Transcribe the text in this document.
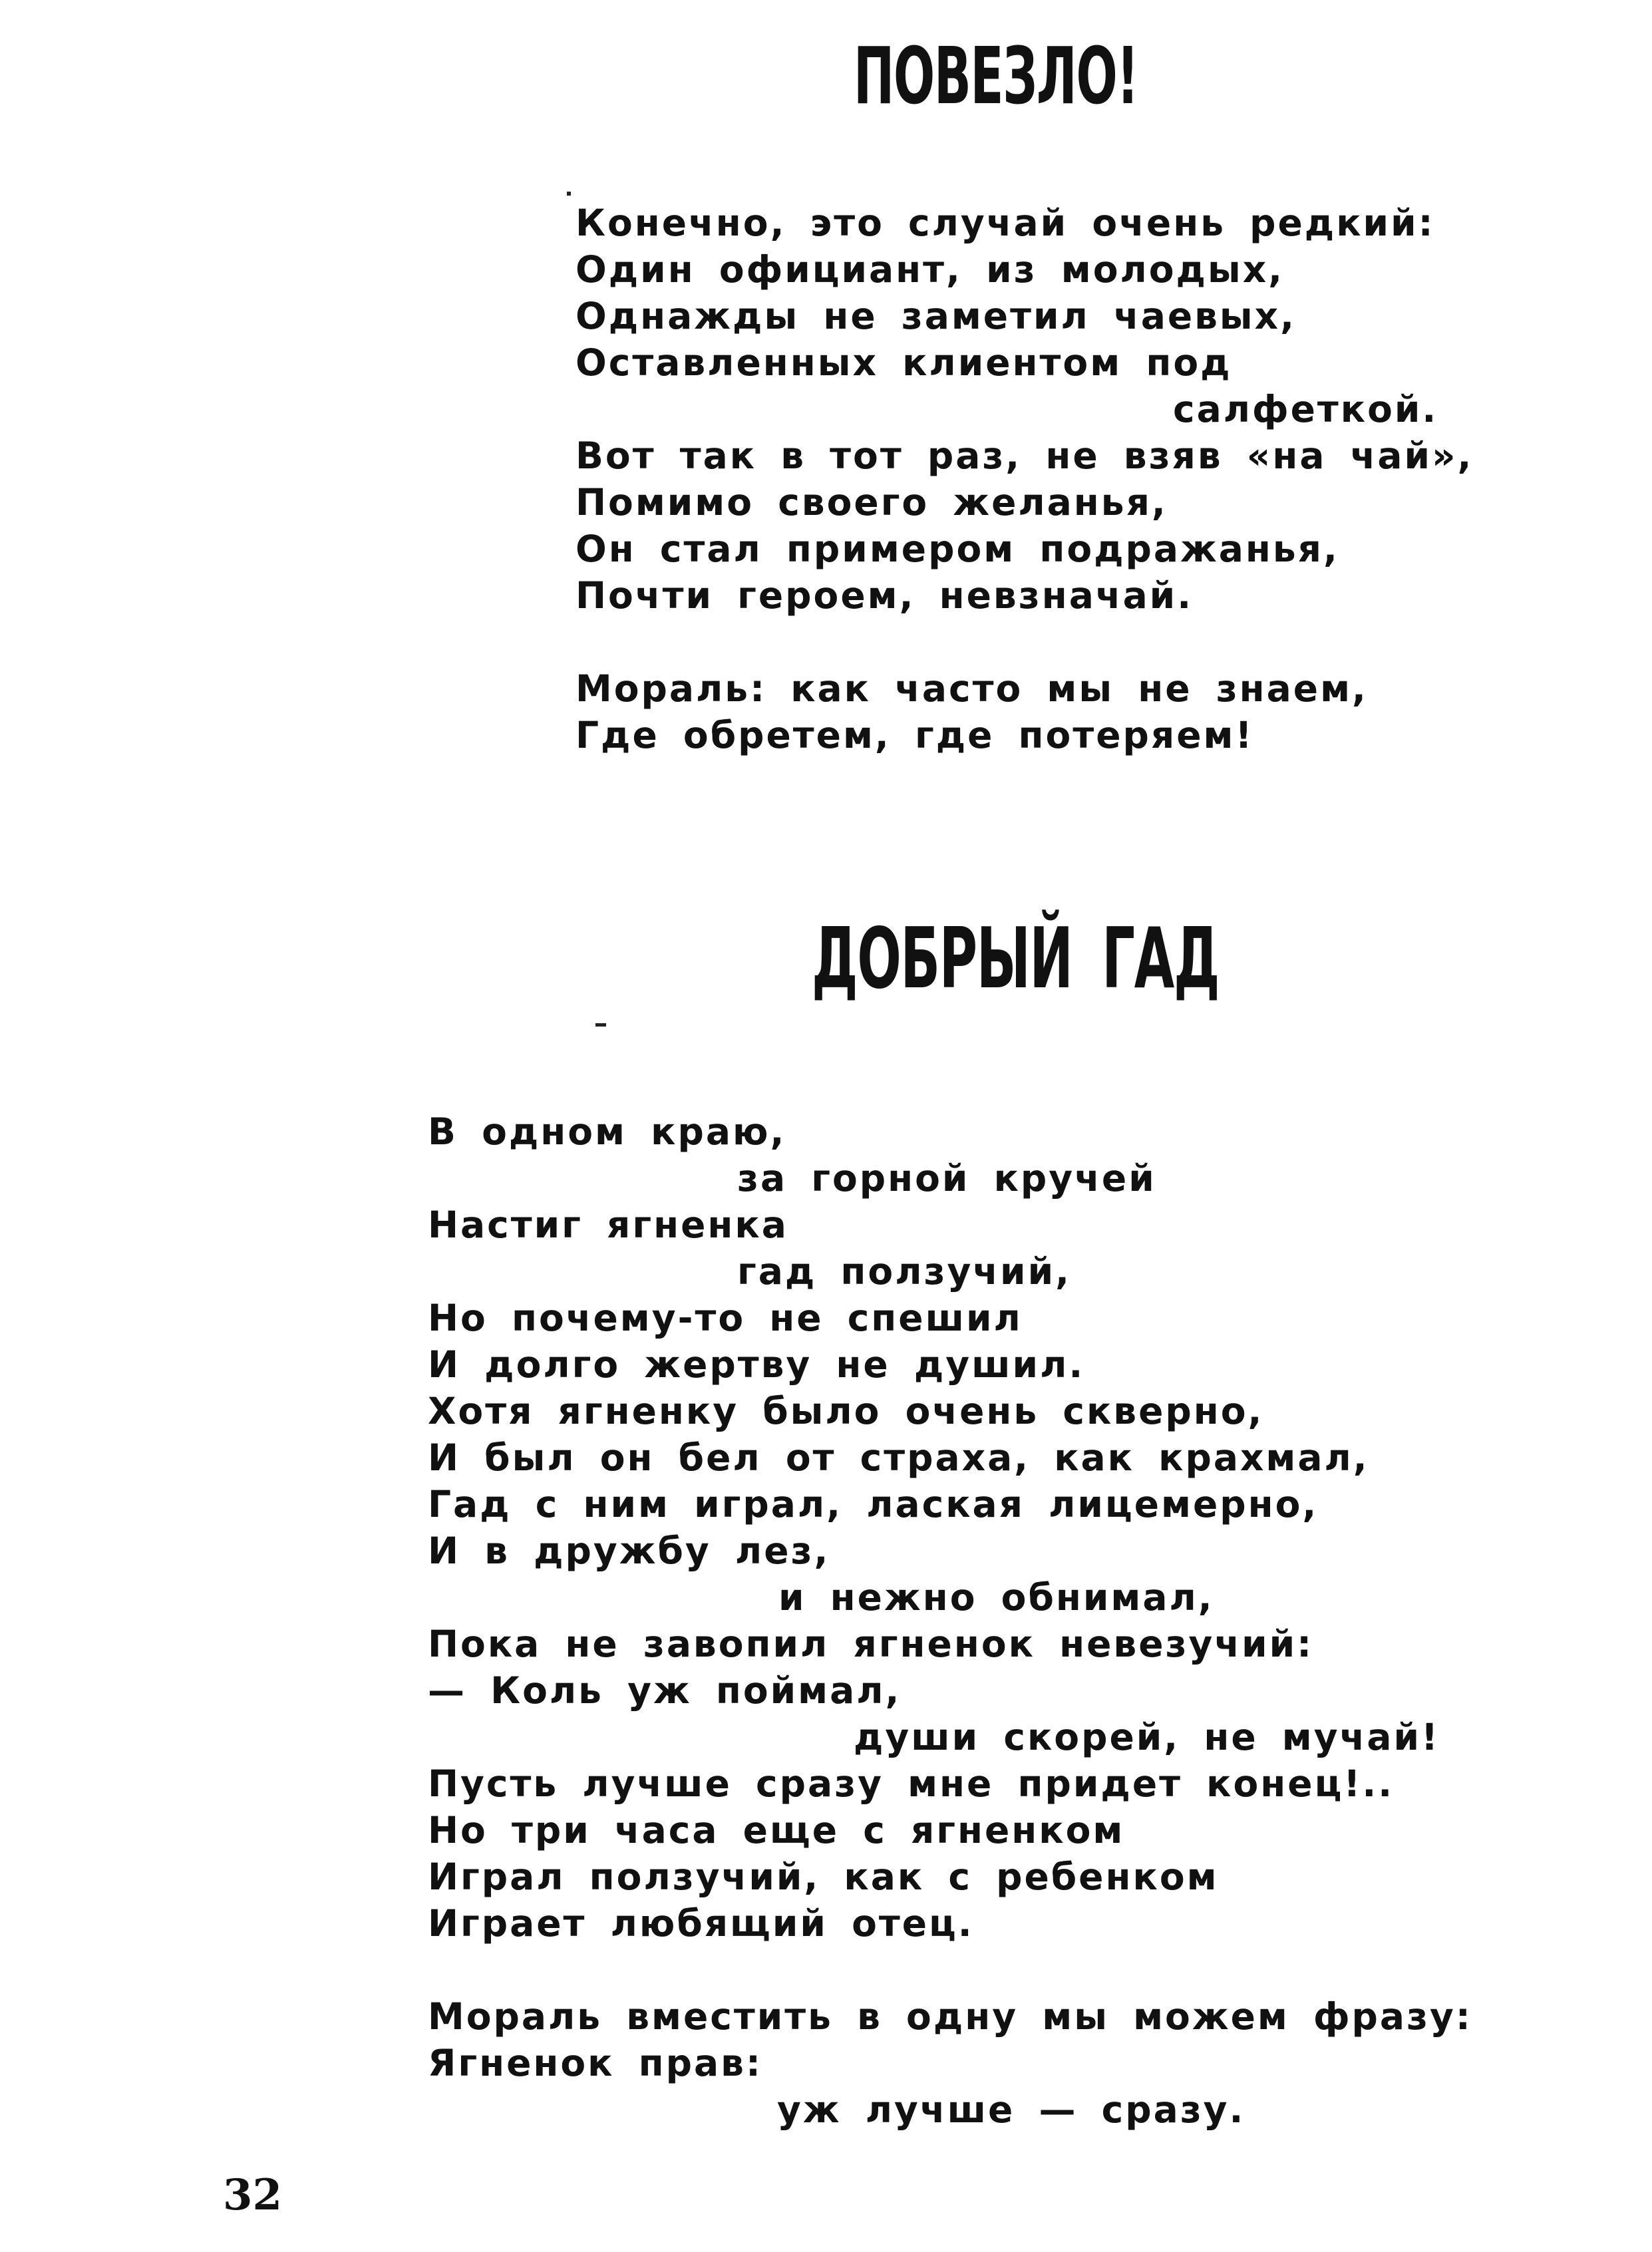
ПОВЕЗЛО!
Конечно, это случай очень редкий:
Один официант, из молодых,
Однажды не заметил чаевых,
Оставленных клиентом под
салфеткой.
Вот так в тот раз, не взяв «на чай»,
Помимо своего желанья,
Он стал примером подражанья,
Почти героем, невзначай.
Мораль: как часто мы не знаем,
Где обретем, где потеряем!
ДОБРЫЙ ГАД
В одном краю,
за горной кручей
Настиг ягненка
гад ползучий,
Но почему-то не спешил
И долго жертву не душил.
Хотя ягненку было очень скверно,
И был он бел от страха, как крахмал,
Гад с ним играл, лаская лицемерно,
И в дружбу лез,
и нежно обнимал,
Пока не завопил ягненок невезучий:
— Коль уж поймал,
души скорей, не мучай!
Пусть лучше сразу мне придет конец!..
Но три часа еще с ягненком
Играл ползучий, как с ребенком
Играет любящий отец.
Мораль вместить в одну мы можем фразу:
Ягненок прав:
уж лучше — сразу.

32
